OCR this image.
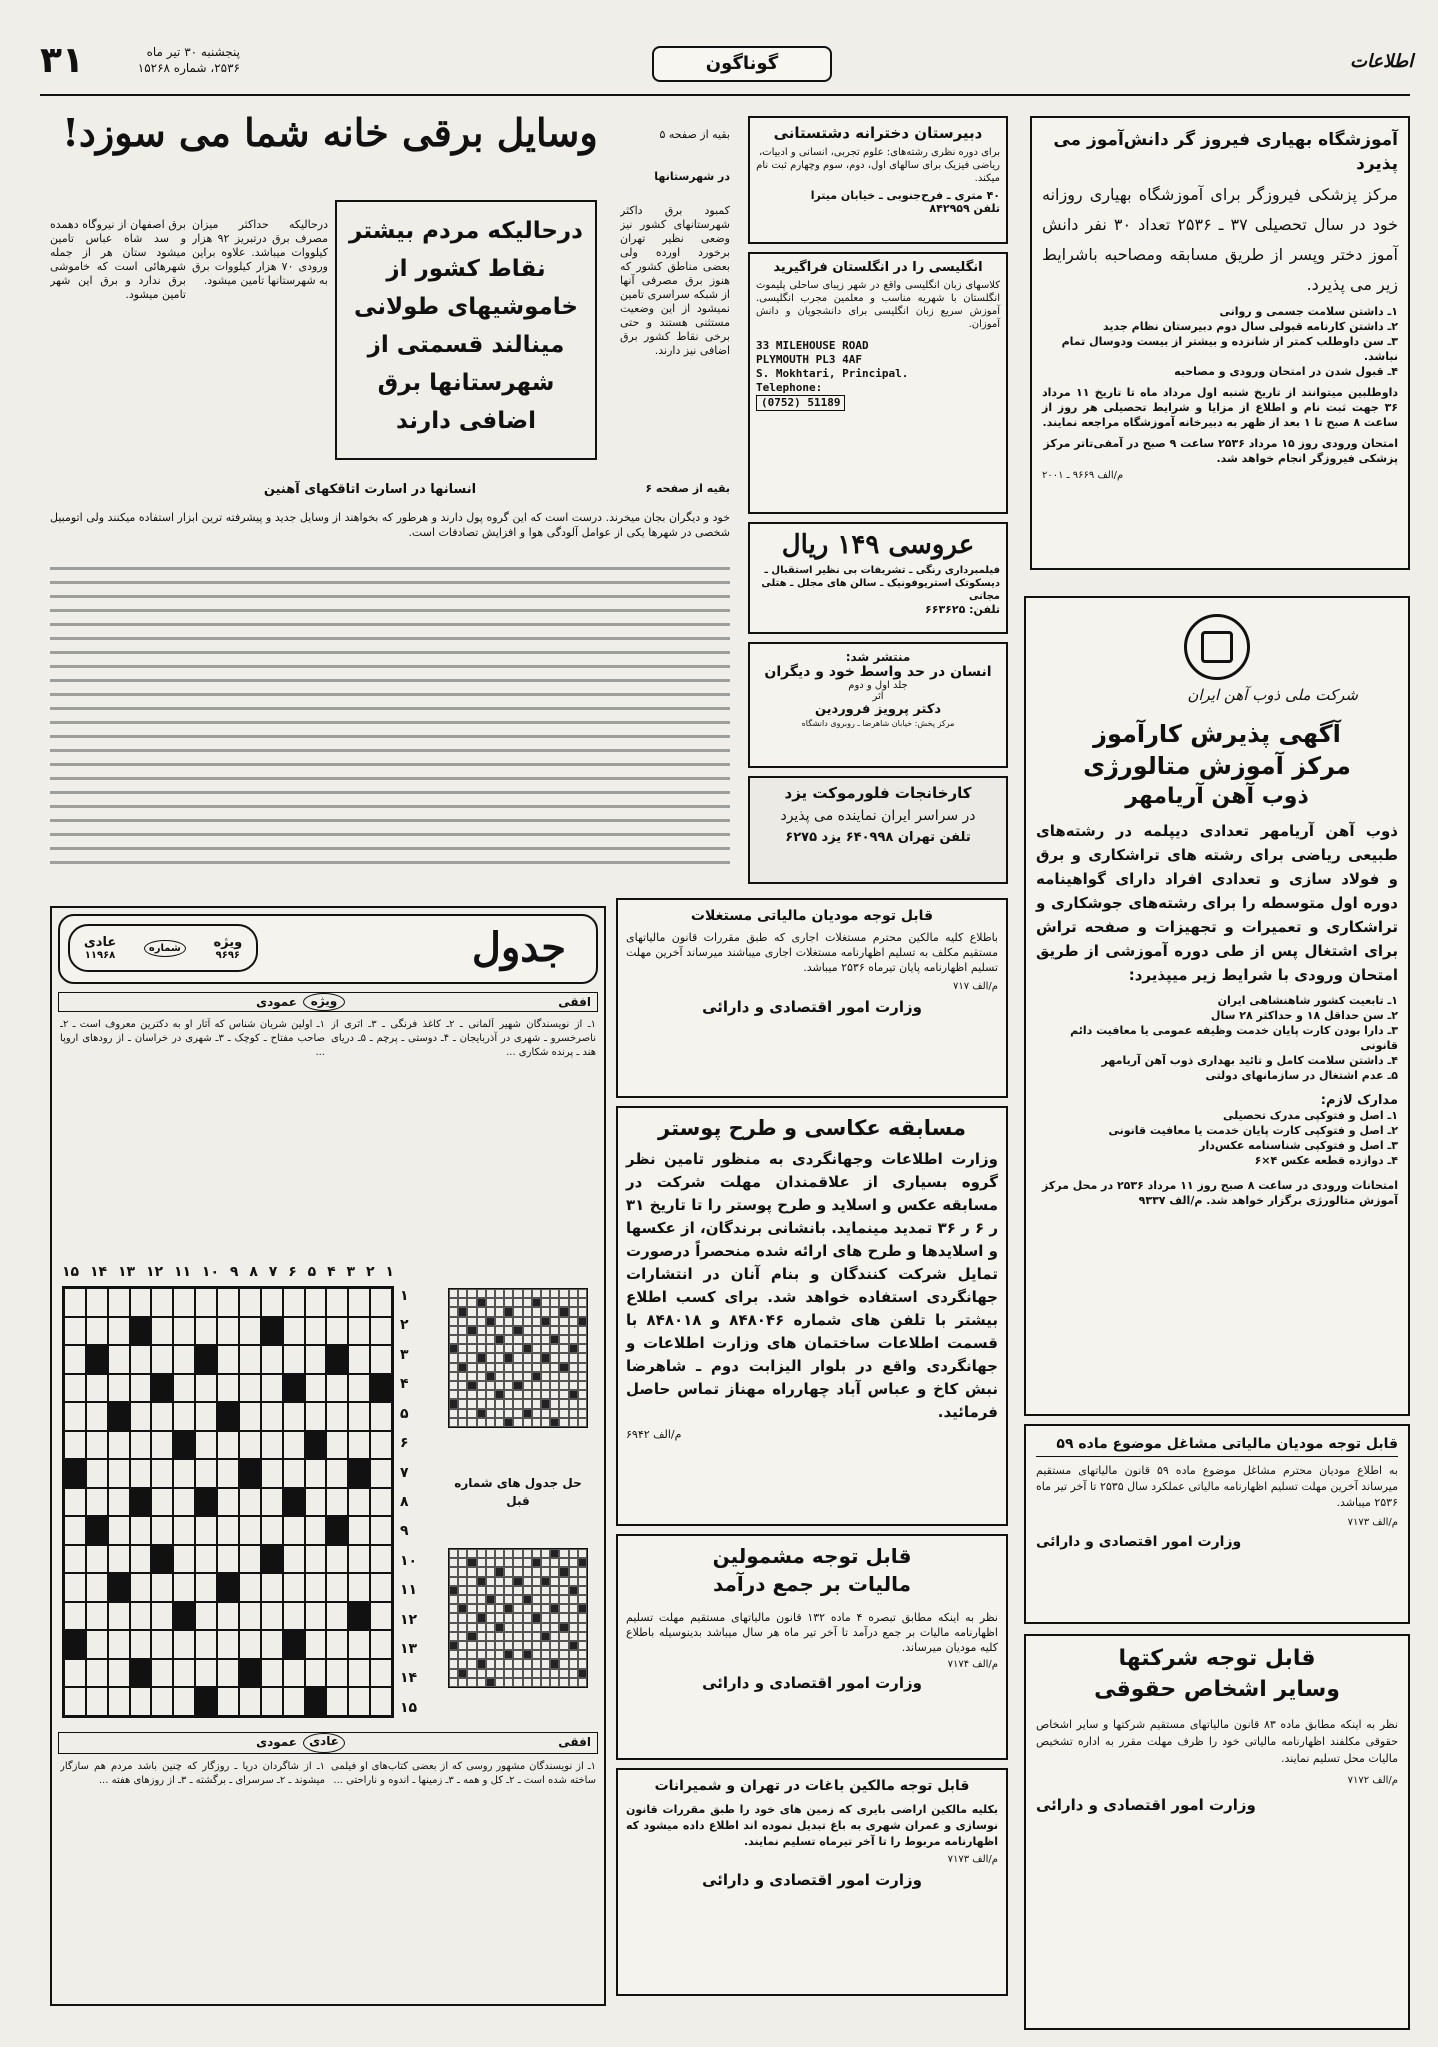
۳۱	پنجشنبه ۳۰ تیر ماه
۲۵۳۶، شماره ۱۵۲۶۸	گوناگون	اطلاعات
آموزشگاه بهیاری فیروز گر دانش‌آموز می پذیرد
مرکز پزشکی فیروزگر برای آموزشگاه بهیاری روزانه خود در سال تحصیلی ۳۷ ـ ۲۵۳۶ تعداد ۳۰ نفر دانش آموز دختر وپسر از طریق مسابقه ومصاحبه باشرایط زیر می پذیرد.
۱ـ داشتن سلامت جسمی و روانی
۲ـ داشتن کارنامه قبولی سال دوم دبیرستان نظام جدید
۳ـ سن داوطلب کمتر از شانزده و بیشتر از بیست ودوسال تمام نباشد.
۴ـ قبول شدن در امتحان ورودی و مصاحبه
داوطلبین میتوانند از تاریخ شنبه اول مرداد ماه تا تاریخ ۱۱ مرداد ۳۶ جهت ثبت نام و اطلاع از مزایا و شرایط تحصیلی هر روز از ساعت ۸ صبح تا ۱ بعد از ظهر به دبیرخانه آموزشگاه مراجعه نمایند.
امتحان ورودی روز ۱۵ مرداد ۲۵۳۶ ساعت ۹ صبح در آمفی‌تاتر مرکز پزشکی فیروزگر انجام خواهد شد.
م/الف ۹۶۶۹ ـ ۲۰۰۱
شرکت ملی ذوب آهن ایران
آگهی پذیرش کارآموز
مرکز آموزش متالورژی
ذوب آهن آریامهر
ذوب آهن آریامهر تعدادی دیپلمه در رشته‌های طبیعی ریاضی برای رشته های تراشکاری و برق و فولاد سازی و تعدادی افراد دارای گواهینامه دوره اول متوسطه را برای رشته‌های جوشکاری و تراشکاری و تعمیرات و تجهیزات و صفحه تراش برای اشتغال پس از طی دوره آموزشی از طریق امتحان ورودی با شرایط زیر میپذیرد:
۱ـ تابعیت کشور شاهنشاهی ایران
۲ـ سن حداقل ۱۸ و حداکثر ۲۸ سال
۳ـ دارا بودن کارت پایان خدمت وظیفه عمومی یا معافیت دائم قانونی
۴ـ داشتن سلامت کامل و تائید بهداری ذوب آهن آریامهر
۵ـ عدم اشتغال در سازمانهای دولتی
مدارک لازم:
۱ـ اصل و فتوکپی مدرک تحصیلی
۲ـ اصل و فتوکپی کارت پایان خدمت یا معافیت قانونی
۳ـ اصل و فتوکپی شناسنامه عکس‌دار
۴ـ دوازده قطعه عکس ۴×۶
امتحانات ورودی در ساعت ۸ صبح روز ۱۱ مرداد ۲۵۳۶ در محل مرکز آموزش متالورژی برگزار خواهد شد. م/الف ۹۳۳۷
قابل توجه مودیان مالیاتی مشاغل موضوع ماده ۵۹
به اطلاع مودیان محترم مشاغل موضوع ماده ۵۹ قانون مالیاتهای مستقیم میرساند آخرین مهلت تسلیم اظهارنامه مالیاتی عملکرد سال ۲۵۳۵ تا آخر تیر ماه ۲۵۳۶ میباشد.
م/الف ۷۱۷۳
وزارت امور اقتصادی و دارائی
قابل توجه شرکتها
وسایر اشخاص حقوقی
نظر به اینکه مطابق ماده ۸۳ قانون مالیاتهای مستقیم شرکتها و سایر اشخاص حقوقی مکلفند اظهارنامه مالیاتی خود را ظرف مهلت مقرر به اداره تشخیص مالیات محل تسلیم نمایند.
م/الف ۷۱۷۲
وزارت امور اقتصادی و دارائی
دبیرستان دخترانه دشتستانی
برای دوره نظری رشته‌های: علوم تجربی، انسانی و ادبیات، ریاضی فیزیک برای سالهای اول، دوم، سوم وچهارم ثبت نام میکند.
۴۰ متری ـ فرح‌جنوبی ـ خیابان میترا
تلفن ۸۴۲۹۵۹
انگلیسی را در انگلستان فراگیرید
کلاسهای زبان انگلیسی واقع در شهر زیبای ساحلی پلیموث انگلستان با شهریه مناسب و معلمین مجرب انگلیسی. آموزش سریع زبان انگلیسی برای دانشجویان و دانش آموزان.
33 MILEHOUSE ROAD
PLYMOUTH PL3 4AF
S. Mokhtari, Principal.
Telephone:
(0752) 51189
عروسی ۱۴۹ ریال
فیلمبرداری رنگی ـ تشریفات بی نظیر استقبال ـ دیسکوتک استریوفونیک ـ سالن های مجلل ـ هتلی مجانی
تلفن: ۶۶۳۶۲۵
منتشر شد:
انسان در حد واسط خود و دیگران
جلد اول و دوم
اثر
دکتر پرویز فروردین
مرکز پخش: خیابان شاهرضا ـ روبروی دانشگاه
کارخانجات فلورموکت یزد
در سراسر ایران نماینده می پذیرد
تلفن تهران ۶۴۰۹۹۸ یزد ۶۲۷۵
وسایل برقی خانه شما می سوزد!	بقیه از صفحه ۵
در شهرستانها
کمبود برق داکثر شهرستانهای کشور نیز وضعی نظیر تهران برخورد اورده ولی بعضی مناطق کشور که هنوز برق مصرفی آنها از شبکه سراسری تامین نمیشود از این وضعیت مستثنی هستند و حتی برخی نقاط کشور برق اضافی نیز دارند.
درحالیکه مردم بیشتر نقاط کشور از خاموشیهای طولانی مینالند قسمتی از شهرستانها برق اضافی دارند
درحالیکه حداکثر میزان مصرف برق درتبریز ۹۲ هزار کیلووات میباشد. علاوه براین ورودی ۷۰ هزار کیلووات برق به شهرستانها تامین میشود.
برق اصفهان از نیروگاه دهمده و سد شاه عباس تامین میشود ستان هر از جمله شهرهائی است که خاموشی برق ندارد و برق این شهر تامین میشود.
بقیه از صفحه ۶
انسانها در اسارت اتاقکهای آهنین
خود و دیگران بجان میخرند. درست است که این گروه پول دارند و هرطور که بخواهند از وسایل جدید و پیشرفته ترین ابزار استفاده میکنند ولی اتومبیل شخصی در شهرها یکی از عوامل آلودگی هوا و افزایش تصادفات است.
قابل توجه مودیان مالیاتی مستغلات
باطلاع کلیه مالکین محترم مستغلات اجاری که طبق مقررات قانون مالیاتهای مستقیم مکلف به تسلیم اظهارنامه مستغلات اجاری میباشند میرساند آخرین مهلت تسلیم اظهارنامه پایان تیرماه ۲۵۳۶ میباشد.
م/الف ۷۱۷
وزارت امور اقتصادی و دارائی
مسابقه عکاسی و طرح پوستر
وزارت اطلاعات وجهانگردی به منظور تامین نظر گروه بسیاری از علاقمندان مهلت شرکت در مسابقه عکس و اسلاید و طرح پوستر را تا تاریخ ۳۱ ر ۶ ر ۳۶ تمدید مینماید. بانشانی برندگان، از عکسها و اسلایدها و طرح های ارائه شده منحصراً درصورت تمایل شرکت کنندگان و بنام آنان در انتشارات جهانگردی استفاده خواهد شد. برای کسب اطلاع بیشتر با تلفن های شماره ۸۴۸۰۴۶ و ۸۴۸۰۱۸ با قسمت اطلاعات ساختمان های وزارت اطلاعات و جهانگردی واقع در بلوار الیزابت دوم ـ شاهرضا نبش کاخ و عباس آباد چهارراه مهناز تماس حاصل فرمائید.
م/الف ۶۹۴۲
قابل توجه مشمولین
مالیات بر جمع درآمد
نظر به اینکه مطابق تبصره ۴ ماده ۱۳۲ قانون مالیاتهای مستقیم مهلت تسلیم اظهارنامه مالیات بر جمع درآمد تا آخر تیر ماه هر سال میباشد بدینوسیله باطلاع کلیه مودیان میرساند.
م/الف ۷۱۷۴
وزارت امور اقتصادی و دارائی
قابل توجه مالکین باغات در تهران و شمیرانات
بکلیه مالکین اراضی بایری که زمین های خود را طبق مقررات قانون نوسازی و عمران شهری به باغ تبدیل نموده اند اطلاع داده میشود که اظهارنامه مربوط را تا آخر تیرماه تسلیم نمایند.
م/الف ۷۱۷۳
وزارت امور اقتصادی و دارائی
جدول
ویژه
۹۶۹۶
شماره
عادی
۱۱۹۶۸
افقی
ویژه
عمودی
۱ـ از نویسندگان شهیر آلمانی ـ ۲ـ کاغذ فرنگی ـ ۳ـ اثری از ناصرخسرو ـ شهری در آذربایجان ـ ۴ـ دوستی ـ پرچم ـ ۵ـ دریای هند ـ پرنده شکاری ...
۱ـ اولین شریان شناس که آثار او به دکترین معروف است ـ ۲ـ صاحب مفتاح ـ کوچک ـ ۳ـ شهری در خراسان ـ از رودهای اروپا ...
۱۵ ۱۴ ۱۳ ۱۲ ۱۱ ۱۰ ۹ ۸ ۷ ۶ ۵ ۴ ۳ ۲ ۱
۱
۲
۳
۴
۵
۶
۷
۸
۹
۱۰
۱۱
۱۲
۱۳
۱۴
۱۵
حل جدول های شماره قبل
افقی
عادی
عمودی
۱ـ از نویسندگان مشهور روسی که از بعضی کتاب‌های او فیلمی ساخته شده است ـ ۲ـ کل و همه ـ ۳ـ زمینها ـ اندوه و ناراحتی ...
۱ـ از شاگردان دریا ـ روزگار که چنین باشد مردم هم سازگار میشوند ـ ۲ـ سرسرای ـ برگشته ـ ۳ـ از روزهای هفته ...
